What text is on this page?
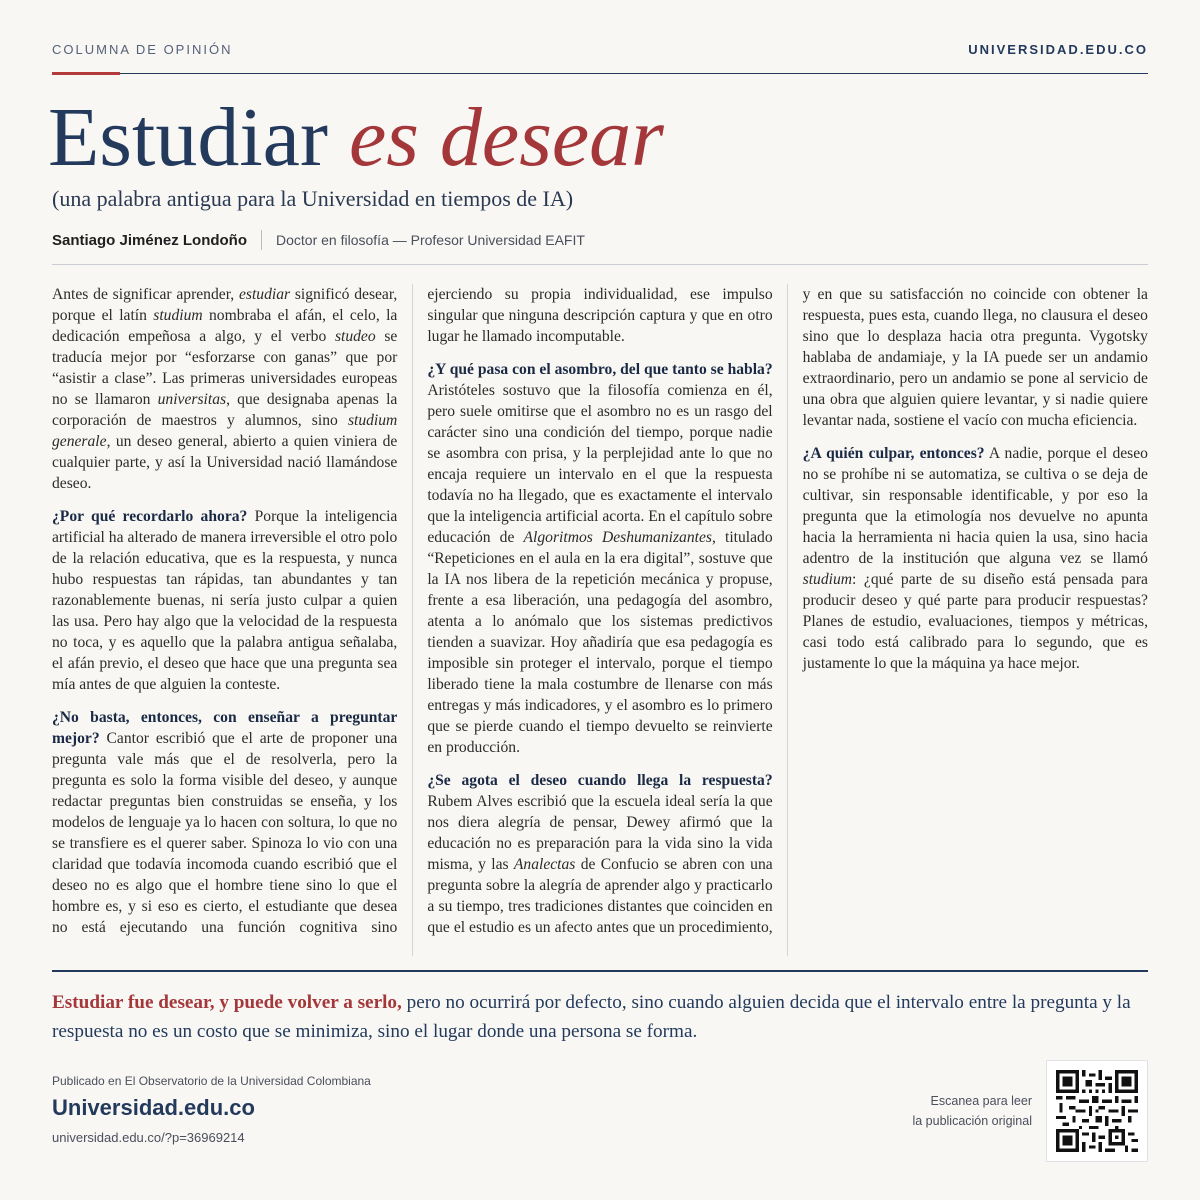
COLUMNA DE OPINIÓN	UNIVERSIDAD.EDU.CO
Estudiar es desear
(una palabra antigua para la Universidad en tiempos de IA)
Santiago Jiménez Londoño Doctor en filosofía — Profesor Universidad EAFIT

Antes de significar aprender, estudiar significó desear, porque el latín studium nombraba el afán, el celo, la dedicación empeñosa a algo, y el verbo studeo se traducía mejor por “esforzarse con ganas” que por “asistir a clase”. Las primeras universidades europeas no se llamaron universitas, que designaba apenas la corporación de maestros y alumnos, sino studium generale, un deseo general, abierto a quien viniera de cualquier parte, y así la Universidad nació llamándose deseo.

¿Por qué recordarlo ahora? Porque la inteligencia artificial ha alterado de manera irreversible el otro polo de la relación educativa, que es la respuesta, y nunca hubo respuestas tan rápidas, tan abundantes y tan razonablemente buenas, ni sería justo culpar a quien las usa. Pero hay algo que la velocidad de la respuesta no toca, y es aquello que la palabra antigua señalaba, el afán previo, el deseo que hace que una pregunta sea mía antes de que alguien la conteste.

¿No basta, entonces, con enseñar a preguntar mejor? Cantor escribió que el arte de proponer una pregunta vale más que el de resolverla, pero la pregunta es solo la forma visible del deseo, y aunque redactar preguntas bien construidas se enseña, y los modelos de lenguaje ya lo hacen con soltura, lo que no se transfiere es el querer saber. Spinoza lo vio con una claridad que todavía incomoda cuando escribió que el deseo no es algo que el hombre tiene sino lo que el hombre es, y si eso es cierto, el estudiante que desea no está ejecutando una función cognitiva sino ejerciendo su propia individualidad, ese impulso singular que ninguna descripción captura y que en otro lugar he llamado incomputable.

¿Y qué pasa con el asombro, del que tanto se habla? Aristóteles sostuvo que la filosofía comienza en él, pero suele omitirse que el asombro no es un rasgo del carácter sino una condición del tiempo, porque nadie se asombra con prisa, y la perplejidad ante lo que no encaja requiere un intervalo en el que la respuesta todavía no ha llegado, que es exactamente el intervalo que la inteligencia artificial acorta. En el capítulo sobre educación de Algoritmos Deshumanizantes, titulado “Repeticiones en el aula en la era digital”, sostuve que la IA nos libera de la repetición mecánica y propuse, frente a esa liberación, una pedagogía del asombro, atenta a lo anómalo que los sistemas predictivos tienden a suavizar. Hoy añadiría que esa pedagogía es imposible sin proteger el intervalo, porque el tiempo liberado tiene la mala costumbre de llenarse con más entregas y más indicadores, y el asombro es lo primero que se pierde cuando el tiempo devuelto se reinvierte en producción.

¿Se agota el deseo cuando llega la respuesta? Rubem Alves escribió que la escuela ideal sería la que nos diera alegría de pensar, Dewey afirmó que la educación no es preparación para la vida sino la vida misma, y las Analectas de Confucio se abren con una pregunta sobre la alegría de aprender algo y practicarlo a su tiempo, tres tradiciones distantes que coinciden en que el estudio es un afecto antes que un procedimiento, y en que su satisfacción no coincide con obtener la respuesta, pues esta, cuando llega, no clausura el deseo sino que lo desplaza hacia otra pregunta. Vygotsky hablaba de andamiaje, y la IA puede ser un andamio extraordinario, pero un andamio se pone al servicio de una obra que alguien quiere levantar, y si nadie quiere levantar nada, sostiene el vacío con mucha eficiencia.

¿A quién culpar, entonces? A nadie, porque el deseo no se prohíbe ni se automatiza, se cultiva o se deja de cultivar, sin responsable identificable, y por eso la pregunta que la etimología nos devuelve no apunta hacia la herramienta ni hacia quien la usa, sino hacia adentro de la institución que alguna vez se llamó studium: ¿qué parte de su diseño está pensada para producir deseo y qué parte para producir respuestas? Planes de estudio, evaluaciones, tiempos y métricas, casi todo está calibrado para lo segundo, que es justamente lo que la máquina ya hace mejor.

Estudiar fue desear, y puede volver a serlo, pero no ocurrirá por defecto, sino cuando alguien decida que el intervalo entre la pregunta y la respuesta no es un costo que se minimiza, sino el lugar donde una persona se forma.
Publicado en El Observatorio de la Universidad Colombiana
Universidad.edu.co
universidad.edu.co/?p=36969214
Escanea para leer
la publicación original
